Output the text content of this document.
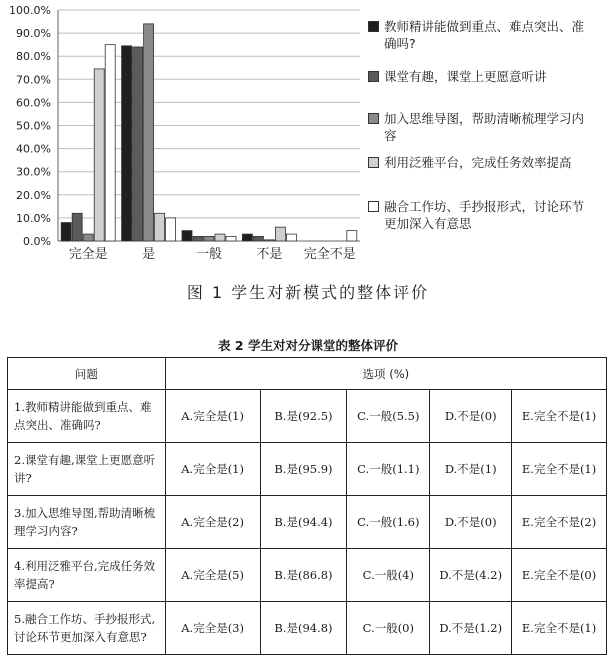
0.0%
10.0%
20.0%
30.0%
40.0%
50.0%
60.0%
70.0%
80.0%
90.0%
100.0%
完全是	是	一般	不是 完全不是
教师精讲能做到重点、难点突出、准确吗?
课堂有趣，课堂上更愿意听讲
加入思维导图，帮助清晰梳理学习内容
利用泛雅平台，完成任务效率提高
融合工作坊、手抄报形式，讨论环节更加深入有意思
图 1 学生对新模式的整体评价
表 2 学生对对分课堂的整体评价
问题	选项 (%)				
1.教师精讲能做到重点、难点突出、准确吗?	A.完全是(1)	B.是(92.5)	C.一般(5.5)	D.不是(0)	E.完全不是(1)
2.课堂有趣,课堂上更愿意听讲?	A.完全是(1)	B.是(95.9)	C.一般(1.1)	D.不是(1)	E.完全不是(1)
3.加入思维导图,帮助清晰梳理学习内容?	A.完全是(2)	B.是(94.4)	C.一般(1.6)	D.不是(0)	E.完全不是(2)
4.利用泛雅平台,完成任务效率提高?	A.完全是(5)	B.是(86.8)	C.一般(4)	D.不是(4.2)	E.完全不是(0)
5.融合工作坊、手抄报形式,讨论环节更加深入有意思?	A.完全是(3)	B.是(94.8)	C.一般(0)	D.不是(1.2)	E.完全不是(1)
